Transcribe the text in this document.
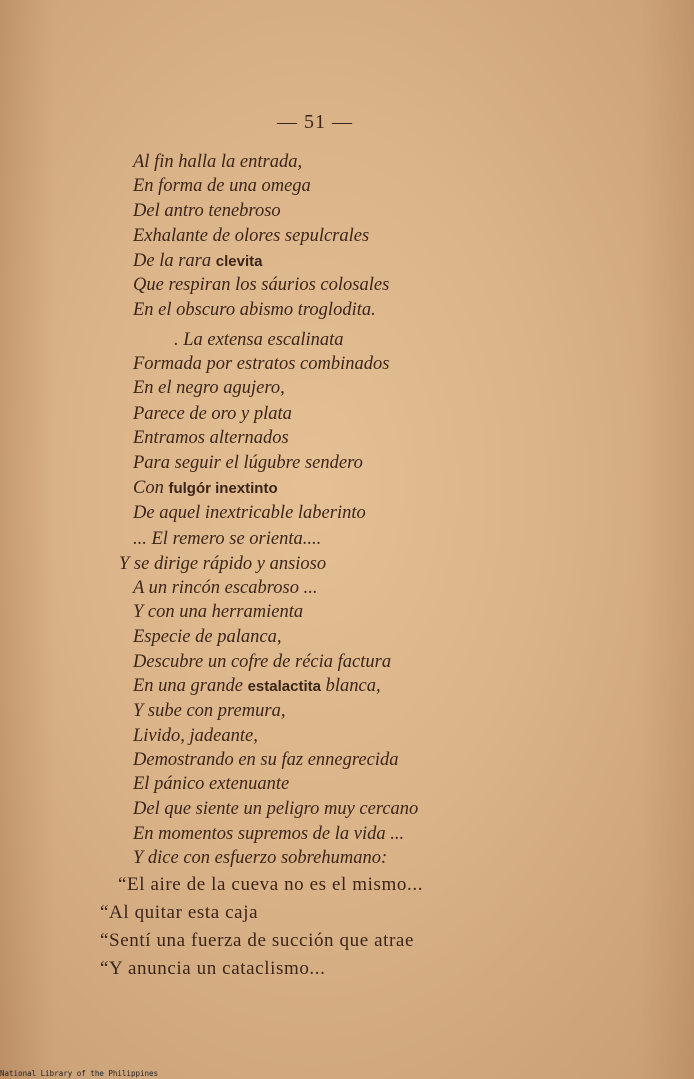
— 51 —
Al fin halla la entrada,
En forma de una omega
Del antro tenebroso
Exhalante de olores sepulcrales
De la rara clevita
Que respiran los sáurios colosales
En el obscuro abismo troglodita.
. La extensa escalinata
Formada por estratos combinados
En el negro agujero,
Parece de oro y plata
Entramos alternados
Para seguir el lúgubre sendero
Con fulgór inextinto
De aquel inextricable laberinto
... El remero se orienta....
Y se dirige rápido y ansioso
A un rincón escabroso ...
Y con una herramienta
Especie de palanca,
Descubre un cofre de récia factura
En una grande estalactita blanca,
Y sube con premura,
Livido, jadeante,
Demostrando en su faz ennegrecida
El pánico extenuante
Del que siente un peligro muy cercano
En momentos supremos de la vida ...
Y dice con esfuerzo sobrehumano:
“El aire de la cueva no es el mismo...
“Al quitar esta caja
“Sentí una fuerza de succión que atrae
“Y anuncia un cataclismo...
National Library of the Philippines
